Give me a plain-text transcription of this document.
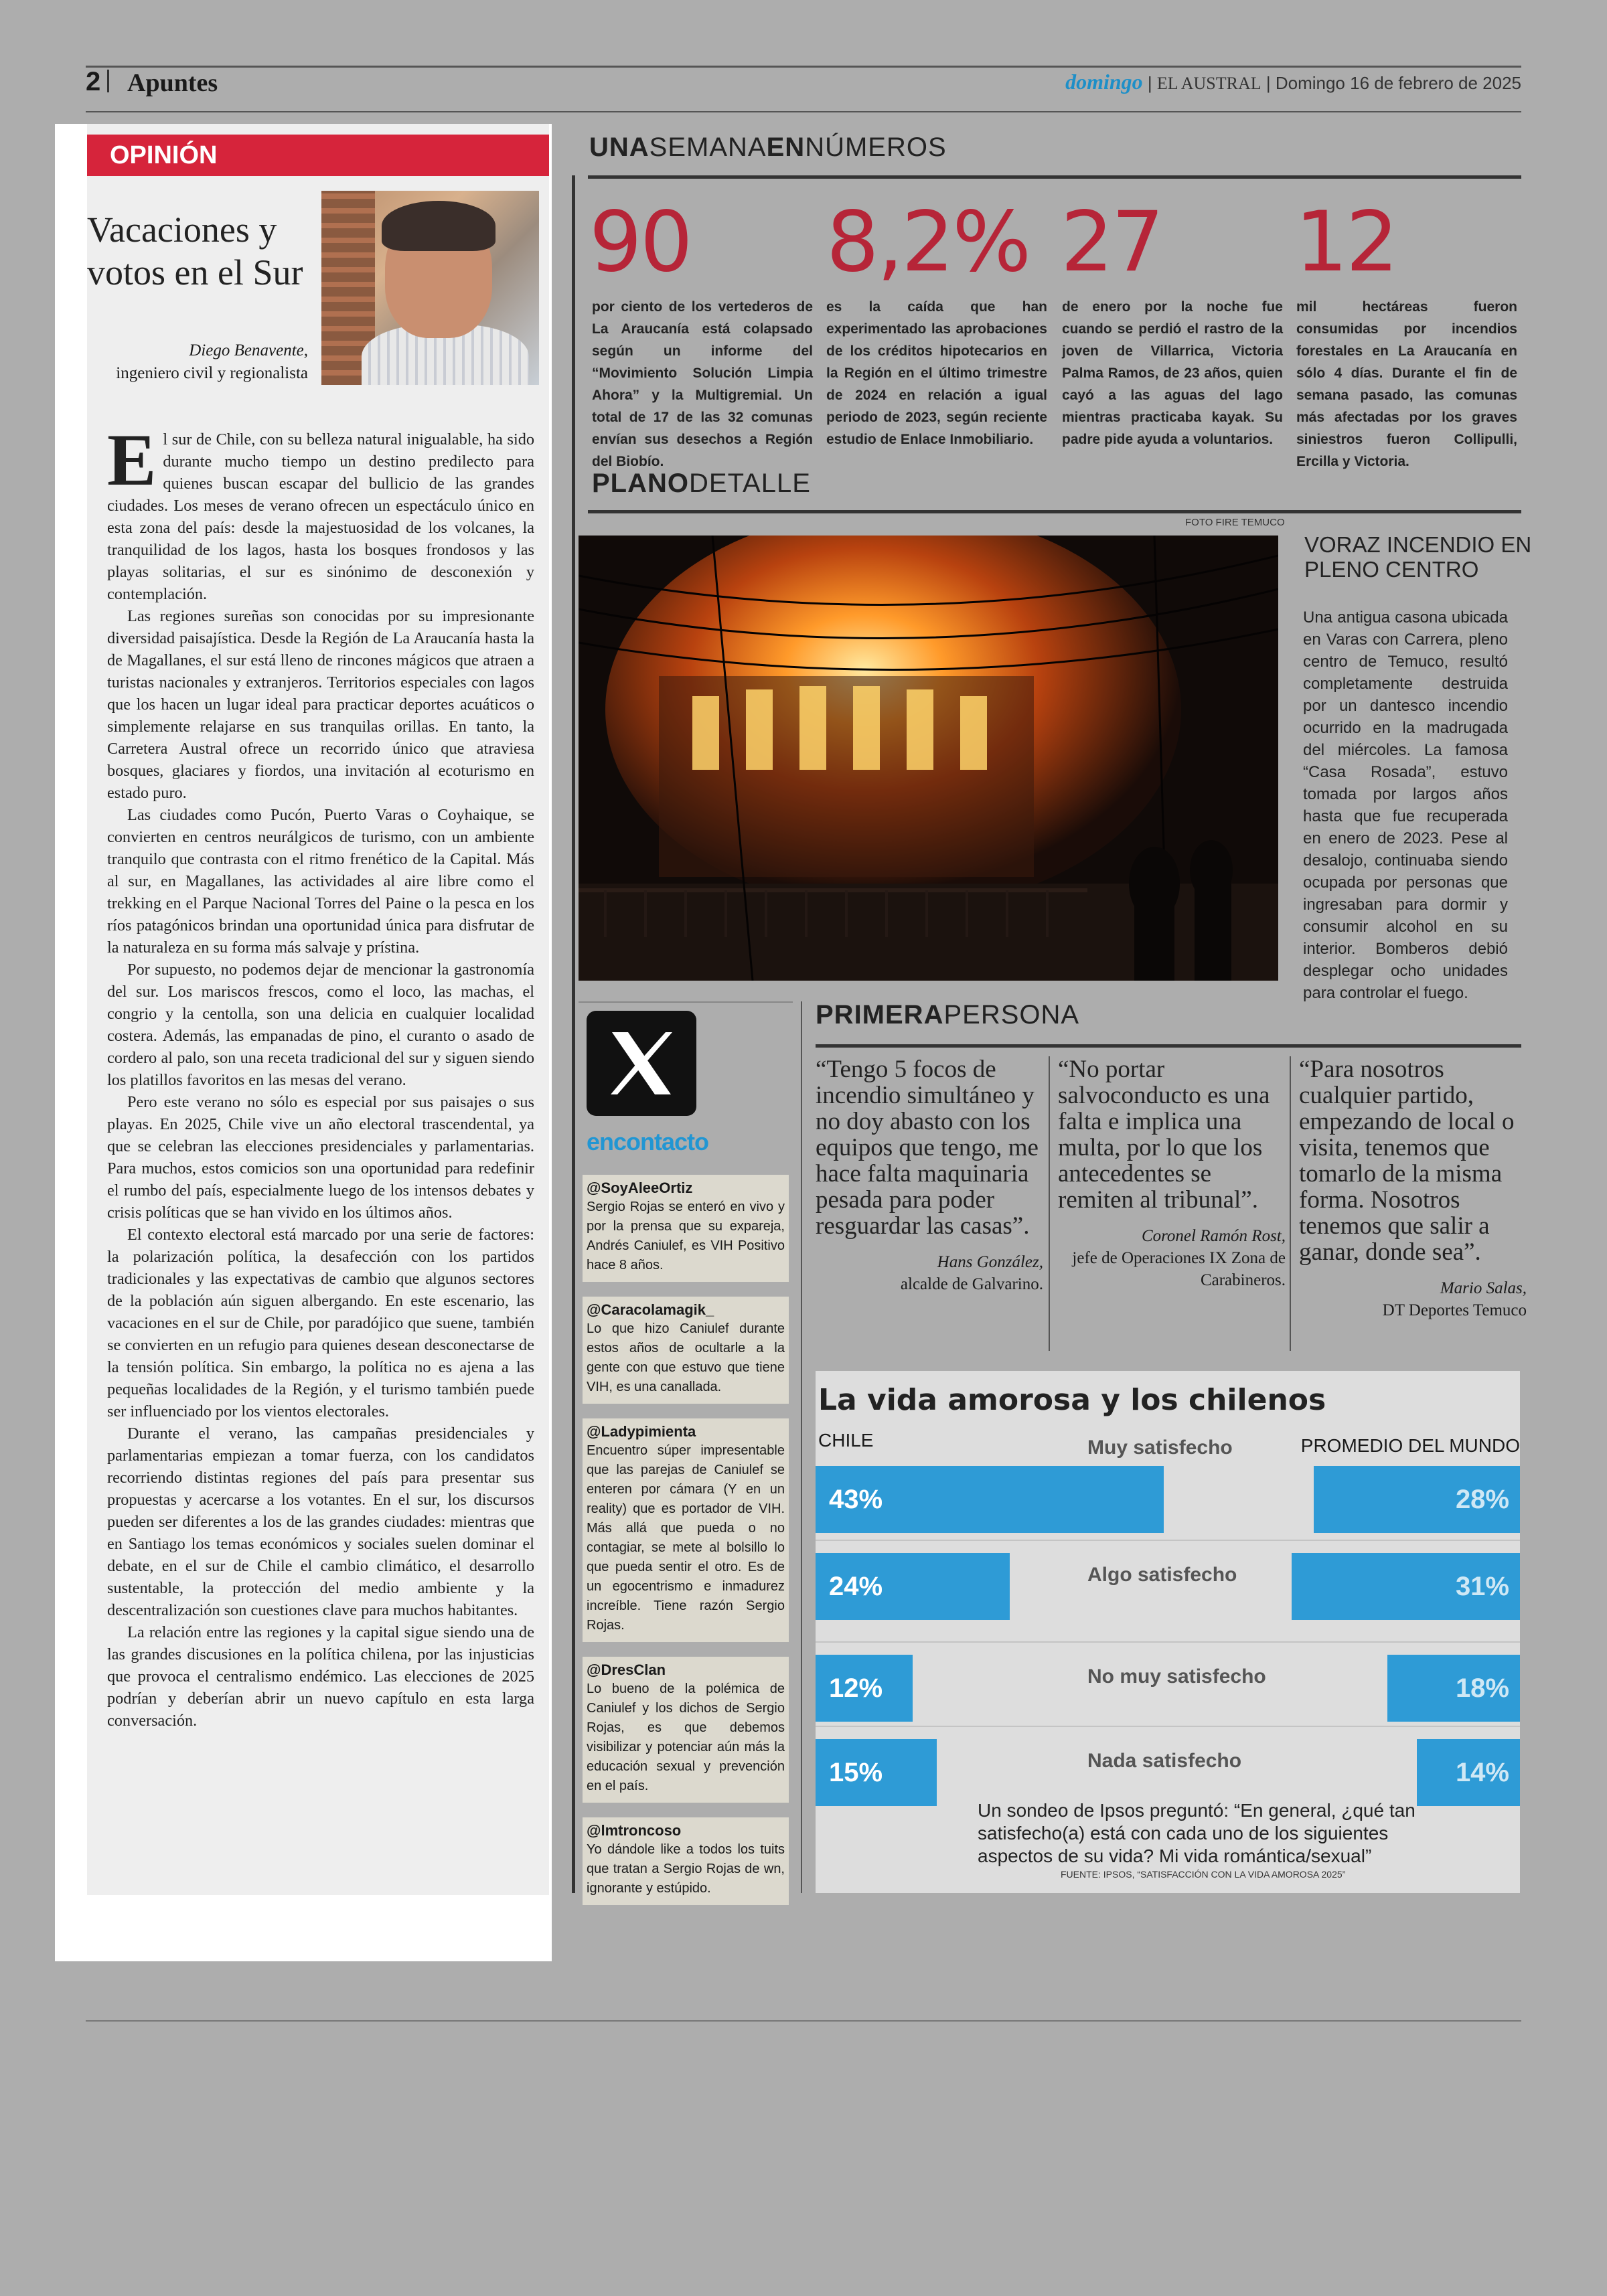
2 Apuntes	domingo | EL AUSTRAL | Domingo 16 de febrero de 2025
OPINIÓN
Vacaciones y votos en el Sur
Diego Benavente,
ingeniero civil y regionalista

El sur de Chile, con su belleza natural inigualable, ha sido durante mucho tiempo un destino predilecto para quienes buscan escapar del bullicio de las grandes ciudades. Los meses de verano ofrecen un espectáculo único en esta zona del país: desde la majestuosidad de los volcanes, la tranquilidad de los lagos, hasta los bosques frondosos y las playas solitarias, el sur es sinónimo de desconexión y contemplación.

Las regiones sureñas son conocidas por su impresionante diversidad paisajística. Desde la Región de La Araucanía hasta la de Magallanes, el sur está lleno de rincones mágicos que atraen a turistas nacionales y extranjeros. Territorios especiales con lagos que los hacen un lugar ideal para practicar deportes acuáticos o simplemente relajarse en sus tranquilas orillas. En tanto, la Carretera Austral ofrece un recorrido único que atraviesa bosques, glaciares y fiordos, una invitación al ecoturismo en estado puro.

Las ciudades como Pucón, Puerto Varas o Coyhaique, se convierten en centros neurálgicos de turismo, con un ambiente tranquilo que contrasta con el ritmo frenético de la Capital. Más al sur, en Magallanes, las actividades al aire libre como el trekking en el Parque Nacional Torres del Paine o la pesca en los ríos patagónicos brindan una oportunidad única para disfrutar de la naturaleza en su forma más salvaje y prístina.

Por supuesto, no podemos dejar de mencionar la gastronomía del sur. Los mariscos frescos, como el loco, las machas, el congrio y la centolla, son una delicia en cualquier localidad costera. Además, las empanadas de pino, el curanto o asado de cordero al palo, son una receta tradicional del sur y siguen siendo los platillos favoritos en las mesas del verano.

Pero este verano no sólo es especial por sus paisajes o sus playas. En 2025, Chile vive un año electoral trascendental, ya que se celebran las elecciones presidenciales y parlamentarias. Para muchos, estos comicios son una oportunidad para redefinir el rumbo del país, especialmente luego de los intensos debates y crisis políticas que se han vivido en los últimos años.

El contexto electoral está marcado por una serie de factores: la polarización política, la desafección con los partidos tradicionales y las expectativas de cambio que algunos sectores de la población aún siguen albergando. En este escenario, las vacaciones en el sur de Chile, por paradójico que suene, también se convierten en un refugio para quienes desean desconectarse de la tensión política. Sin embargo, la política no es ajena a las pequeñas localidades de la Región, y el turismo también puede ser influenciado por los vientos electorales.

Durante el verano, las campañas presidenciales y parlamentarias empiezan a tomar fuerza, con los candidatos recorriendo distintas regiones del país para presentar sus propuestas y acercarse a los votantes. En el sur, los discursos pueden ser diferentes a los de las grandes ciudades: mientras que en Santiago los temas económicos y sociales suelen dominar el debate, en el sur de Chile el cambio climático, el desarrollo sustentable, la protección del medio ambiente y la descentralización son cuestiones clave para muchos habitantes.

La relación entre las regiones y la capital sigue siendo una de las grandes discusiones en la política chilena, por las injusticias que provoca el centralismo endémico. Las elecciones de 2025 podrían y deberían abrir un nuevo capítulo en esta larga conversación.

UNASEMANAENNÚMEROS
90
por ciento de los vertederos de La Araucanía está colapsado según un informe del “Movimiento Solución Limpia Ahora” y la Multigremial. Un total de 17 de las 32 comunas envían sus desechos a Región del Biobío.
8,2%
es la caída que han experimentado las aprobaciones de los créditos hipotecarios en la Región en el último trimestre de 2024 en relación a igual periodo de 2023, según reciente estudio de Enlace Inmobiliario.
27
de enero por la noche fue cuando se perdió el rastro de la joven de Villarrica, Victoria Palma Ramos, de 23 años, quien cayó a las aguas del lago mientras practicaba kayak. Su padre pide ayuda a voluntarios.
12
mil hectáreas fueron consumidas por incendios forestales en La Araucanía en sólo 4 días. Durante el fin de semana pasado, las comunas más afectadas por los graves siniestros fueron Collipulli, Ercilla y Victoria.
PLANODETALLE
FOTO FIRE TEMUCO
VORAZ INCENDIO EN PLENO CENTRO
Una antigua casona ubicada en Varas con Carrera, pleno centro de Temuco, resultó completamente destruida por un dantesco incendio ocurrido en la madrugada del miércoles. La famosa “Casa Rosada”, estuvo tomada por largos años hasta que fue recuperada en enero de 2023. Pese al desalojo, continuaba siendo ocupada por personas que ingresaban para dormir y consumir alcohol en su interior. Bomberos debió desplegar ocho unidades para controlar el fuego.
encontacto
@SoyAleeOrtiz
Sergio Rojas se enteró en vivo y por la prensa que su expareja, Andrés Caniulef, es VIH Positivo hace 8 años.
@Caracolamagik_
Lo que hizo Caniulef durante estos años de ocultarle a la gente con que estuvo que tiene VIH, es una canallada.
@Ladypimienta
Encuentro súper impresentable que las parejas de Caniulef se enteren por cámara (Y en un reality) que es portador de VIH. Más allá que pueda o no contagiar, se mete al bolsillo lo que pueda sentir el otro. Es de un egocentrismo e inmadurez increíble. Tiene razón Sergio Rojas.
@DresClan
Lo bueno de la polémica de Caniulef y los dichos de Sergio Rojas, es que debemos visibilizar y potenciar aún más la educación sexual y prevención en el país.
@lmtroncoso
Yo dándole like a todos los tuits que tratan a Sergio Rojas de wn, ignorante y estúpido.
PRIMERAPERSONA
“Tengo 5 focos de incendio simultáneo y no doy abasto con los equipos que tengo, me hace falta maquinaria pesada para poder resguardar las casas”.
Hans González,
alcalde de Galvarino.
“No portar salvoconducto es una falta e implica una multa, por lo que los antecedentes se remiten al tribunal”.
Coronel Ramón Rost,
jefe de Operaciones IX Zona de Carabineros.
“Para nosotros cualquier partido, empezando de local o visita, tenemos que tomarlo de la misma forma. Nosotros tenemos que salir a ganar, donde sea”.
Mario Salas,
DT Deportes Temuco
La vida amorosa y los chilenos
CHILE	PROMEDIO DEL MUNDO
Muy satisfecho
43%	28%
Algo satisfecho
24%	31%
No muy satisfecho
12%	18%
Nada satisfecho
15%	14%
Un sondeo de Ipsos preguntó: “En general, ¿qué tan satisfecho(a) está con cada uno de los siguientes aspectos de su vida? Mi vida romántica/sexual”
FUENTE: IPSOS, “SATISFACCIÓN CON LA VIDA AMOROSA 2025”
